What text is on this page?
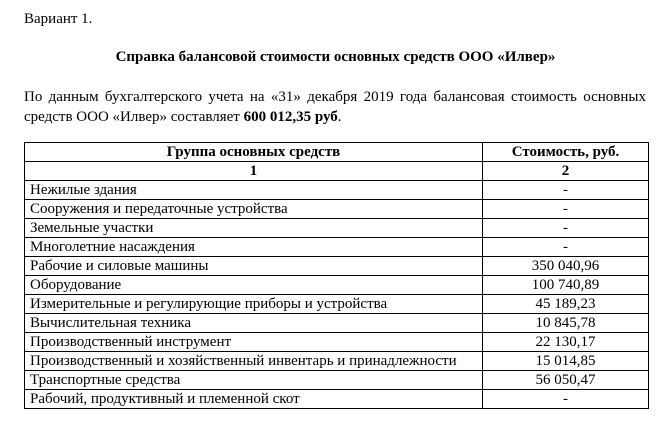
Вариант 1.
Справка балансовой стоимости основных средств ООО «Илвер»
По данным бухгалтерского учета на «31» декабря 2019 года балансовая стоимость основных средств ООО «Илвер» составляет 600 012,35 руб.
Группа основных средств	Стоимость, руб.
1	2
Нежилые здания	-
Сооружения и передаточные устройства	-
Земельные участки	-
Многолетние насаждения	-
Рабочие и силовые машины	350 040,96
Оборудование	100 740,89
Измерительные и регулирующие приборы и устройства	45 189,23
Вычислительная техника	10 845,78
Производственный инструмент	22 130,17
Производственный и хозяйственный инвентарь и принадлежности	15 014,85
Транспортные средства	56 050,47
Рабочий, продуктивный и племенной скот	-
